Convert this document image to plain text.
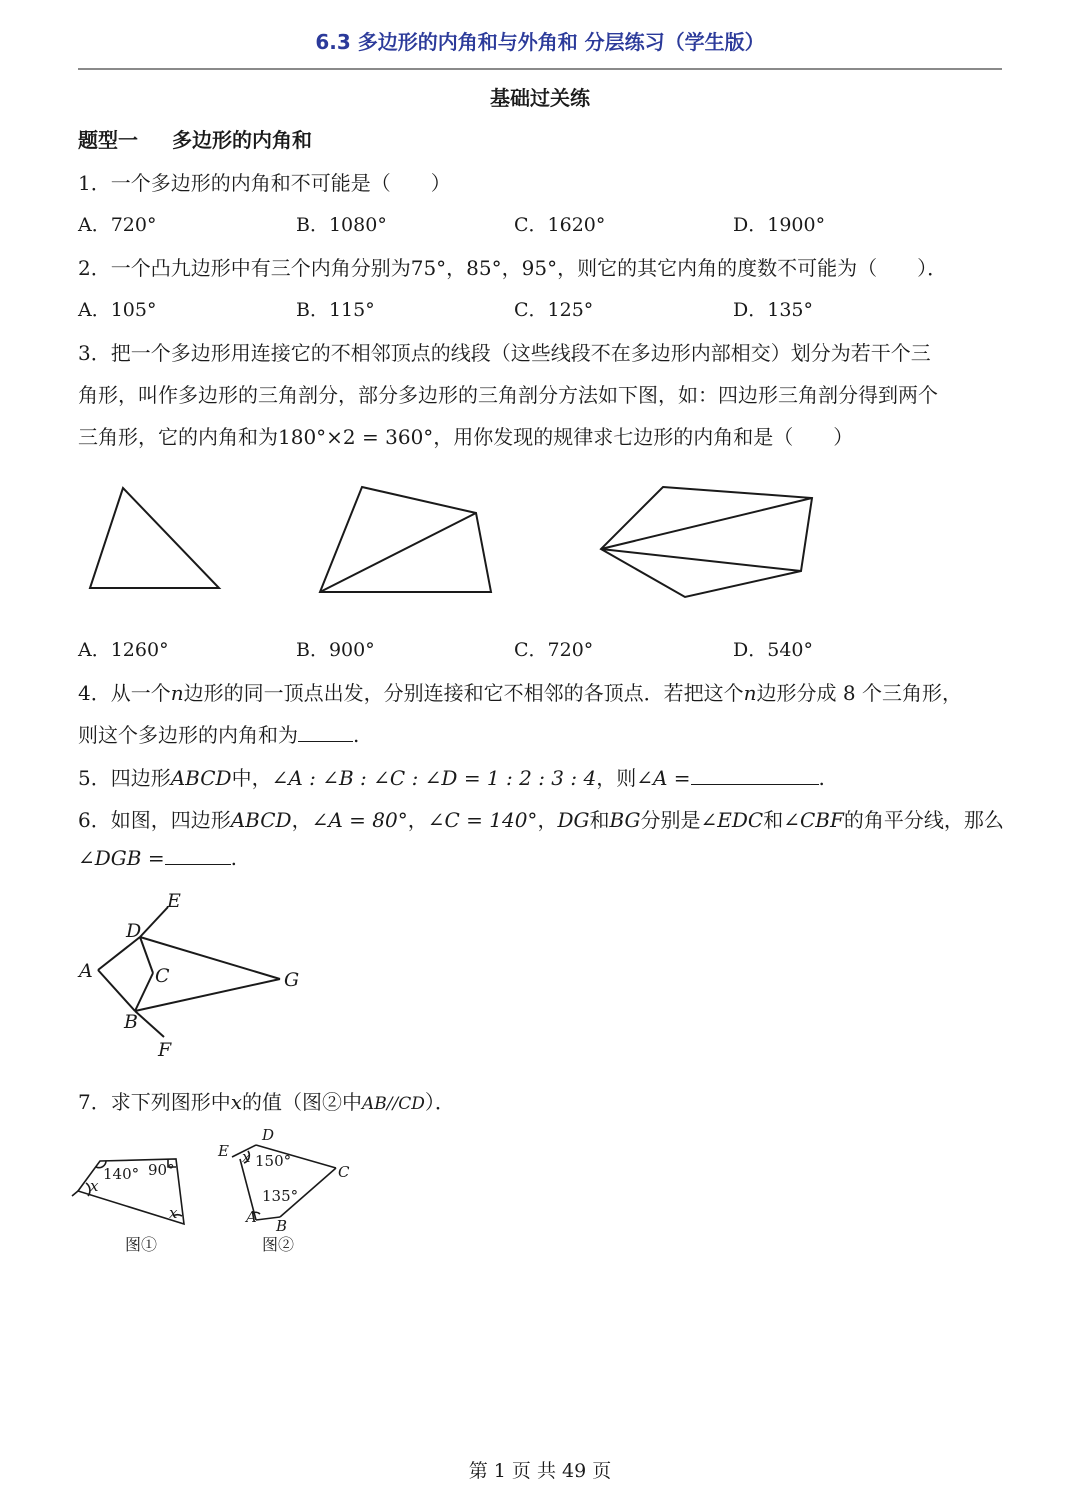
6.3 多边形的内角和与外角和 分层练习（学生版）
基础过关练
题型一 多边形的内角和
1．一个多边形的内角和不可能是（　　）
A．720°	B．1080°	C．1620°	D．1900°
2．一个凸九边形中有三个内角分别为75°，85°，95°，则它的其它内角的度数不可能为（　　）．
A．105°	B．115°	C．125°	D．135°
3．把一个多边形用连接它的不相邻顶点的线段（这些线段不在多边形内部相交）划分为若干个三
角形，叫作多边形的三角剖分，部分多边形的三角剖分方法如下图，如：四边形三角剖分得到两个
三角形，它的内角和为180°×2 = 360°，用你发现的规律求七边形的内角和是（　　）
A．1260°	B．900°	C．720°	D．540°
4．从一个n边形的同一顶点出发，分别连接和它不相邻的各顶点．若把这个n边形分成 8 个三角形，
则这个多边形的内角和为	.
5．四边形ABCD中，∠A : ∠B : ∠C : ∠D = 1 : 2 : 3 : 4，则∠A =	.
6．如图，四边形ABCD，∠A = 80°，∠C = 140°，DG和BG分别是∠EDC和∠CBF的角平分线，那么
∠DGB =	.
E
D
A	C	G
B
F
7．求下列图形中x的值（图②中AB//CD）．
140° 90°
x
x
图①
E
D
C
A B
x 150°
135°
图②
第 1 页 共 49 页
